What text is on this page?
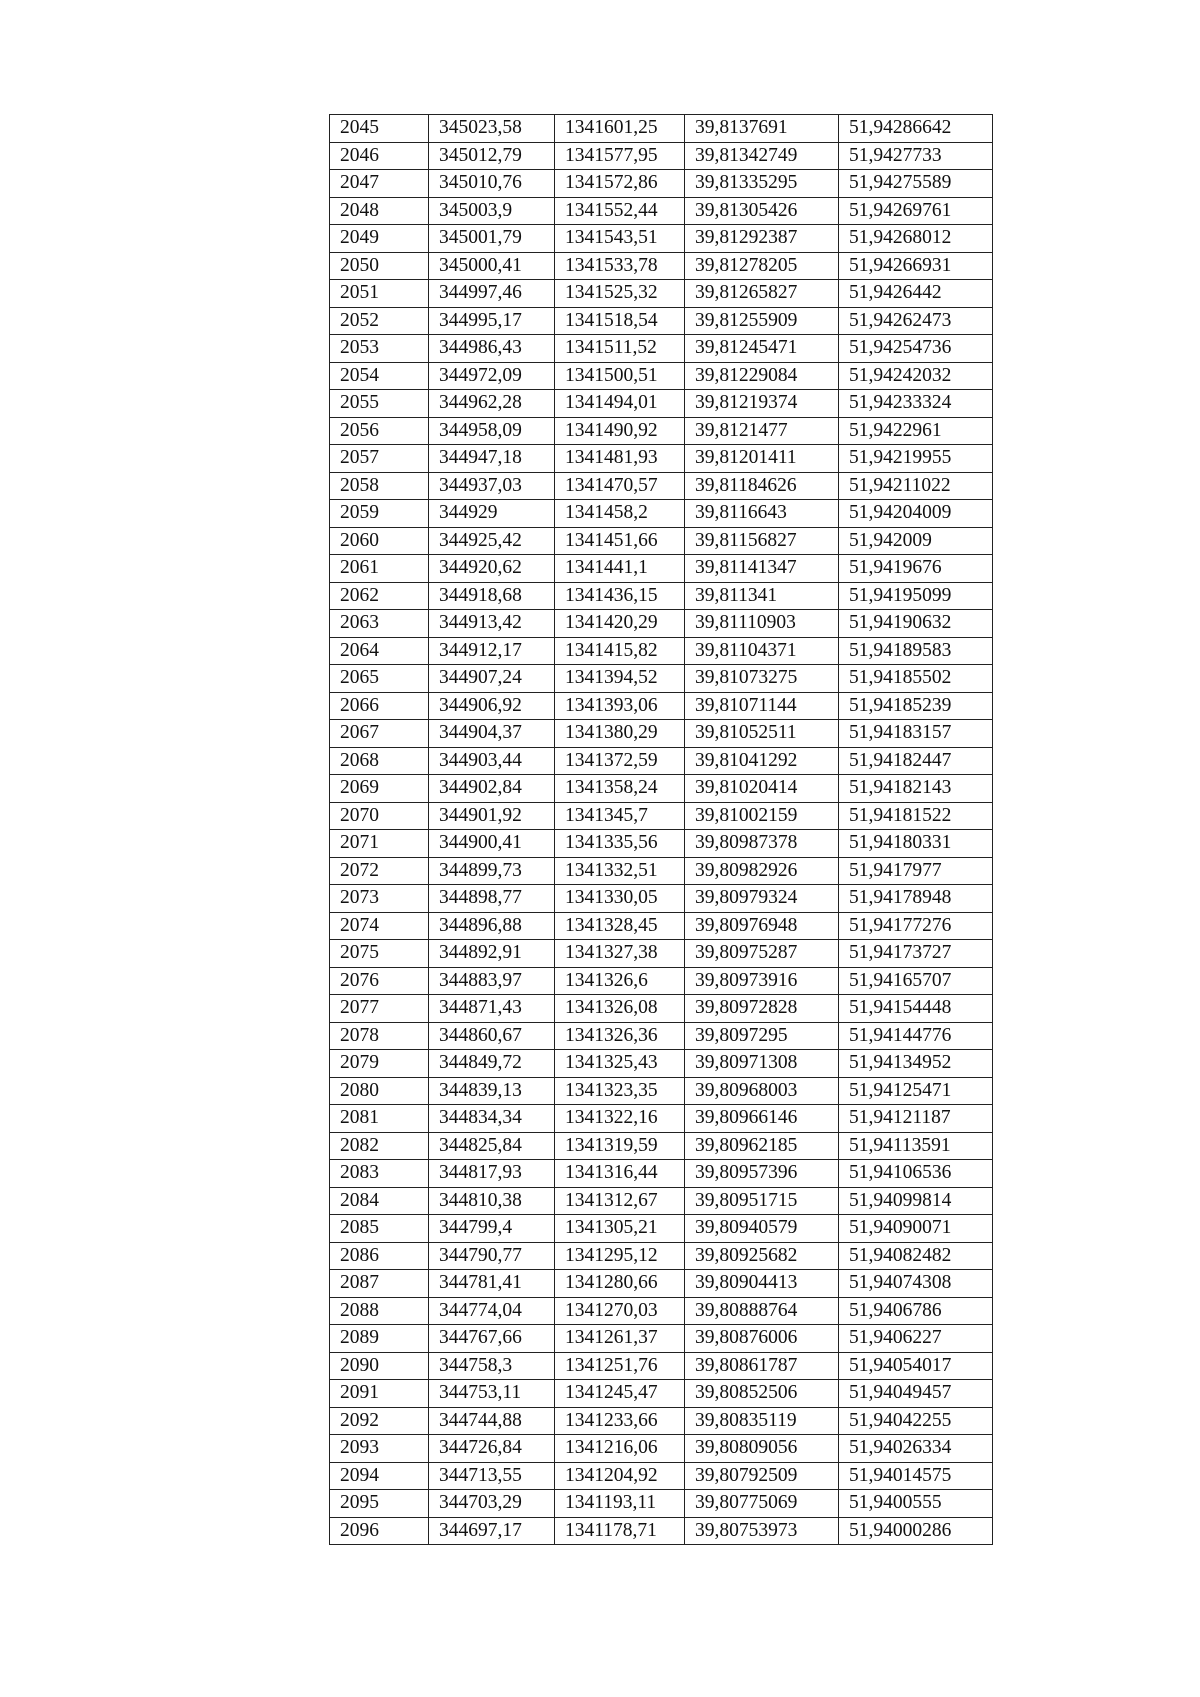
2045	345023,58	1341601,25	39,8137691	51,94286642
2046	345012,79	1341577,95	39,81342749	51,9427733
2047	345010,76	1341572,86	39,81335295	51,94275589
2048	345003,9	1341552,44	39,81305426	51,94269761
2049	345001,79	1341543,51	39,81292387	51,94268012
2050	345000,41	1341533,78	39,81278205	51,94266931
2051	344997,46	1341525,32	39,81265827	51,9426442
2052	344995,17	1341518,54	39,81255909	51,94262473
2053	344986,43	1341511,52	39,81245471	51,94254736
2054	344972,09	1341500,51	39,81229084	51,94242032
2055	344962,28	1341494,01	39,81219374	51,94233324
2056	344958,09	1341490,92	39,8121477	51,9422961
2057	344947,18	1341481,93	39,81201411	51,94219955
2058	344937,03	1341470,57	39,81184626	51,94211022
2059	344929	1341458,2	39,8116643	51,94204009
2060	344925,42	1341451,66	39,81156827	51,942009
2061	344920,62	1341441,1	39,81141347	51,9419676
2062	344918,68	1341436,15	39,811341	51,94195099
2063	344913,42	1341420,29	39,81110903	51,94190632
2064	344912,17	1341415,82	39,81104371	51,94189583
2065	344907,24	1341394,52	39,81073275	51,94185502
2066	344906,92	1341393,06	39,81071144	51,94185239
2067	344904,37	1341380,29	39,81052511	51,94183157
2068	344903,44	1341372,59	39,81041292	51,94182447
2069	344902,84	1341358,24	39,81020414	51,94182143
2070	344901,92	1341345,7	39,81002159	51,94181522
2071	344900,41	1341335,56	39,80987378	51,94180331
2072	344899,73	1341332,51	39,80982926	51,9417977
2073	344898,77	1341330,05	39,80979324	51,94178948
2074	344896,88	1341328,45	39,80976948	51,94177276
2075	344892,91	1341327,38	39,80975287	51,94173727
2076	344883,97	1341326,6	39,80973916	51,94165707
2077	344871,43	1341326,08	39,80972828	51,94154448
2078	344860,67	1341326,36	39,8097295	51,94144776
2079	344849,72	1341325,43	39,80971308	51,94134952
2080	344839,13	1341323,35	39,80968003	51,94125471
2081	344834,34	1341322,16	39,80966146	51,94121187
2082	344825,84	1341319,59	39,80962185	51,94113591
2083	344817,93	1341316,44	39,80957396	51,94106536
2084	344810,38	1341312,67	39,80951715	51,94099814
2085	344799,4	1341305,21	39,80940579	51,94090071
2086	344790,77	1341295,12	39,80925682	51,94082482
2087	344781,41	1341280,66	39,80904413	51,94074308
2088	344774,04	1341270,03	39,80888764	51,9406786
2089	344767,66	1341261,37	39,80876006	51,9406227
2090	344758,3	1341251,76	39,80861787	51,94054017
2091	344753,11	1341245,47	39,80852506	51,94049457
2092	344744,88	1341233,66	39,80835119	51,94042255
2093	344726,84	1341216,06	39,80809056	51,94026334
2094	344713,55	1341204,92	39,80792509	51,94014575
2095	344703,29	1341193,11	39,80775069	51,9400555
2096	344697,17	1341178,71	39,80753973	51,94000286
